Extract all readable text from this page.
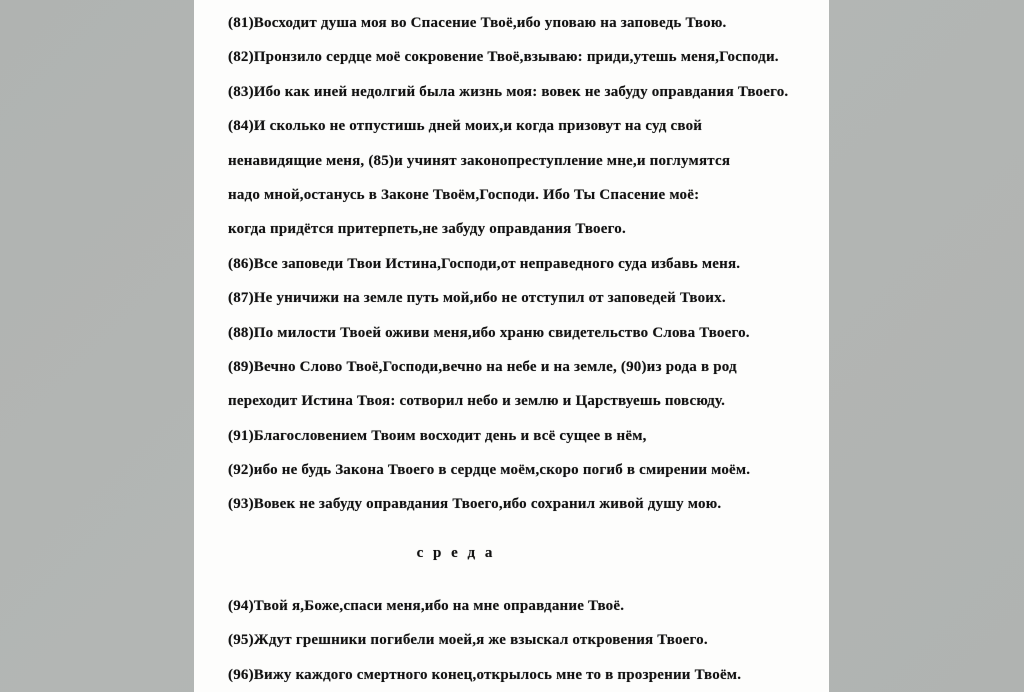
(81)Восходит душа моя во Спасение Твоё,ибо уповаю на заповедь Твою.
(82)Пронзило сердце моё сокровение Твоё,взываю: приди,утешь меня,Господи.
(83)Ибо как иней недолгий была жизнь моя: вовек не забуду оправдания Твоего.
(84)И сколько не отпустишь дней моих,и когда призовут на суд свой
ненавидящие меня, (85)и учинят законопреступление мне,и поглумятся
надо мной,останусь в Законе Твоём,Господи. Ибо Ты Спасение моё:
когда придётся притерпеть,не забуду оправдания Твоего.
(86)Все заповеди Твои Истина,Господи,от неправедного суда избавь меня.
(87)Не уничижи на земле путь мой,ибо не отступил от заповедей Твоих.
(88)По милости Твоей оживи меня,ибо храню свидетельство Слова Твоего.
(89)Вечно Слово Твоё,Господи,вечно на небе и на земле, (90)из рода в род
переходит Истина Твоя: сотворил небо и землю и Царствуешь повсюду.
(91)Благословением Твоим восходит день и всё сущее в нём,
(92)ибо не будь Закона Твоего в сердце моём,скоро погиб в смирении моём.
(93)Вовек не забуду оправдания Твоего,ибо сохранил живой душу мою.
с р е д а
(94)Твой я,Боже,спаси меня,ибо на мне оправдание Твоё.
(95)Ждут грешники погибели моей,я же взыскал откровения Твоего.
(96)Вижу каждого смертного конец,открылось мне то в прозрении Твоём.
